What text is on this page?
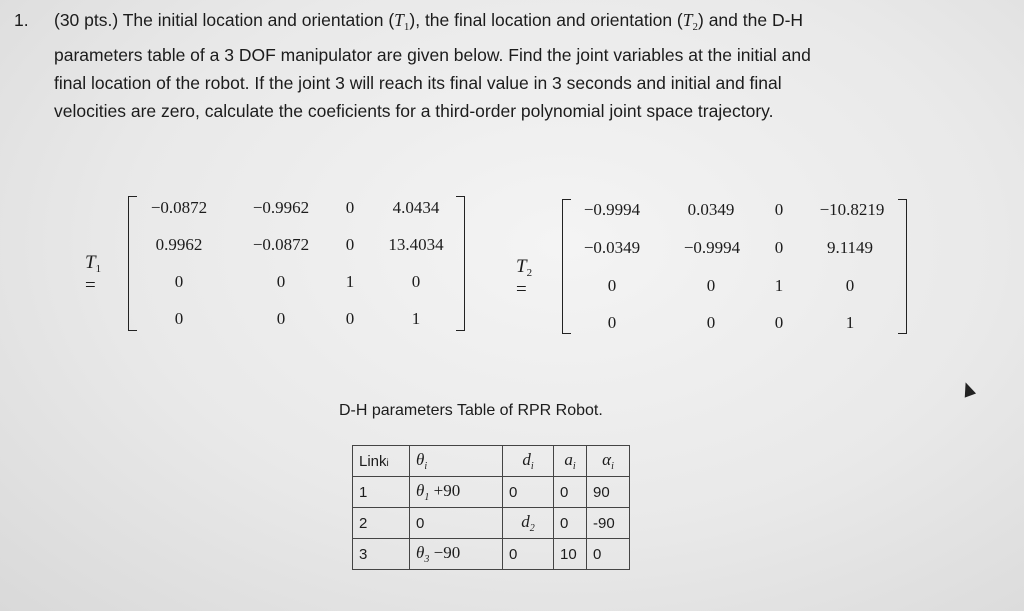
1. (30 pts.) The initial location and orientation $(T_1)$, the final location and orientation $(T_2)$ and the D-H
parameters table of a 3 DOF manipulator are given below. Find the joint variables at the initial and
final location of the robot. If the joint 3 will reach its final value in 3 seconds and initial and final
velocities are zero, calculate the coeficients for a third-order polynomial joint space trajectory.
$T_1$ =
−0.0872	−0.9962	0	4.0434
0.9962	−0.0872	0	13.4034
0	0	1	0
0	0	0	1
$T_2$ =
−0.9994	0.0349	0	−10.8219
−0.0349	−0.9994	0	9.1149
0	0	1	0
0	0	0	1
D-H parameters Table of RPR Robot.
Linki	$\theta_i$	$d_i$	$a_i$	$\alpha_i$
1	$\theta_1 +90$	0	0	90
2	0	$d_2$	0	-90
3	$\theta_3 -90$	0	10	0
